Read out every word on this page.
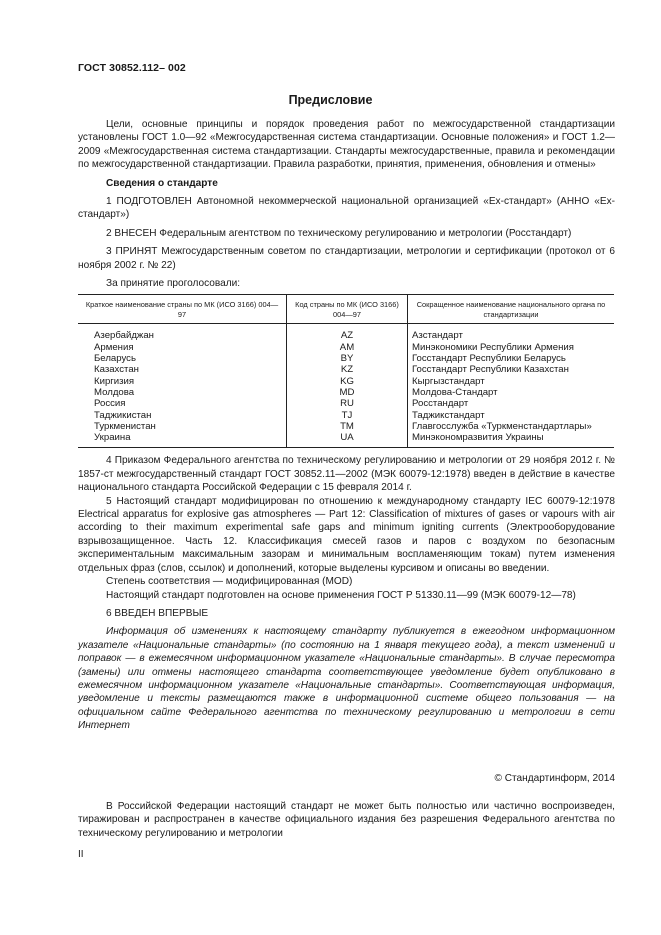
ГОСТ 30852.112– 002
Предисловие

Цели, основные принципы и порядок проведения работ по межгосударственной стандартизации установлены ГОСТ 1.0—92 «Межгосударственная система стандартизации. Основные положения» и ГОСТ 1.2—2009 «Межгосударственная система стандартизации. Стандарты межгосударственные, правила и рекомендации по межгосударственной стандартизации. Правила разработки, принятия, применения, обновления и отмены»

Сведения о стандарте

1 ПОДГОТОВЛЕН Автономной некоммерческой национальной организацией «Ех-стандарт» (АННО «Ех-стандарт»)

2 ВНЕСЕН Федеральным агентством по техническому регулированию и метрологии (Росстандарт)

3 ПРИНЯТ Межгосударственным советом по стандартизации, метрологии и сертификации (протокол от 6 ноября 2002 г. № 22)

За принятие проголосовали:

Краткое наименование страны по МК (ИСО 3166) 004— 97	Код страны по МК (ИСО 3166) 004—97	Сокращенное наименование национального органа по стандартизации
Азербайджан	AZ	Азстандарт
Армения	AM	Минэкономики Республики Армения
Беларусь	BY	Госстандарт Республики Беларусь
Казахстан	KZ	Госстандарт Республики Казахстан
Киргизия	KG	Кыргызстандарт
Молдова	MD	Молдова-Стандарт
Россия	RU	Росстандарт
Таджикистан	TJ	Таджикстандарт
Туркменистан	TM	Главгосслужба «Туркменстандартлары»
Украина	UA	Минэкономразвития Украины

4 Приказом Федерального агентства по техническому регулированию и метрологии от 29 ноября 2012 г. № 1857-ст межгосударственный стандарт ГОСТ 30852.11—2002 (МЭК 60079-12:1978) введен в действие в качестве национального стандарта Российской Федерации с 15 февраля 2014 г.

5 Настоящий стандарт модифицирован по отношению к международному стандарту IEC 60079-12:1978 Electrical apparatus for explosive gas atmospheres — Part 12: Classification of mixtures of gases or vapours with air according to their maximum experimental safe gaps and minimum igniting currents (Электрооборудование взрывозащищенное. Часть 12. Классификация смесей газов и паров с воздухом по безопасным экспериментальным максимальным зазорам и минимальным воспламеняющим токам) путем изменения отдельных фраз (слов, ссылок) и дополнений, которые выделены курсивом и описаны во введении.

Степень соответствия — модифицированная (MOD)

Настоящий стандарт подготовлен на основе применения ГОСТ Р 51330.11—99 (МЭК 60079-12—78)

6 ВВЕДЕН ВПЕРВЫЕ

Информация об изменениях к настоящему стандарту публикуется в ежегодном информационном указателе «Национальные стандарты» (по состоянию на 1 января текущего года), а текст изменений и поправок — в ежемесячном информационном указателе «Национальные стандарты». В случае пересмотра (замены) или отмены настоящего стандарта соответствующее уведомление будет опубликовано в ежемесячном информационном указателе «Национальные стандарты». Соответствующая информация, уведомление и тексты размещаются также в информационной системе общего пользования — на официальном сайте Федерального агентства по техническому регулированию и метрологии в сети Интернет

© Стандартинформ, 2014

В Российской Федерации настоящий стандарт не может быть полностью или частично воспроизведен, тиражирован и распространен в качестве официального издания без разрешения Федерального агентства по техническому регулированию и метрологии

II
